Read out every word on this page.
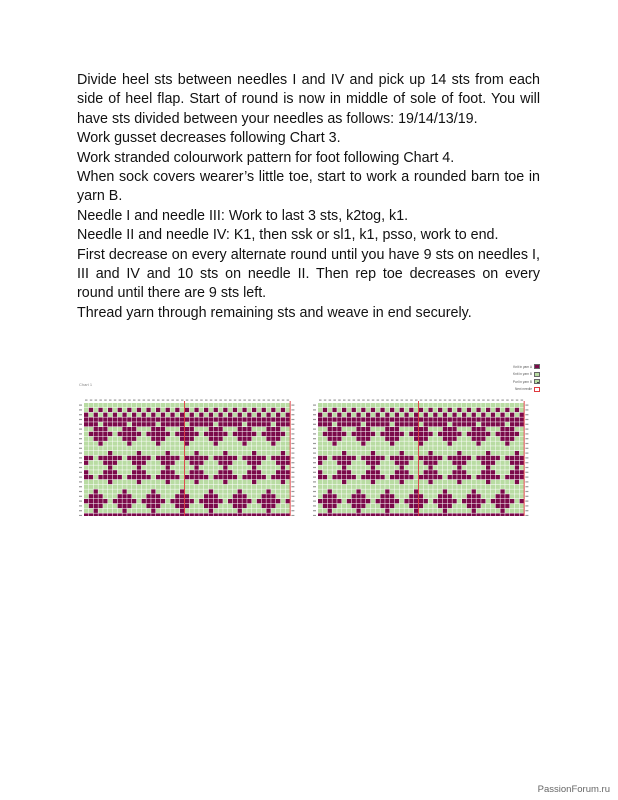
Divide heel sts between needles I and IV and pick up 14 sts from each side of heel flap. Start of round is now in middle of sole of foot. You will have sts divided between your needles as follows: 19/14/13/19.

Work gusset decreases following Chart 3.

Work stranded colourwork pattern for foot following Chart 4.

When sock covers wearer’s little toe, start to work a rounded barn toe in yarn B.

Needle I and needle III: Work to last 3 sts, k2tog, k1.

Needle II and needle IV: K1, then ssk or sl1, k1, psso, work to end.

First decrease on every alternate round until you have 9 sts on needles I, III and IV and 10 sts on needle II. Then rep toe decreases on every round until there are 9 sts left.

Thread yarn through remaining sts and weave in end securely.

Knit in yarn A
Knit in yarn B
Purl in yarn B
Next needle
Chart 1
PassionForum.ru
